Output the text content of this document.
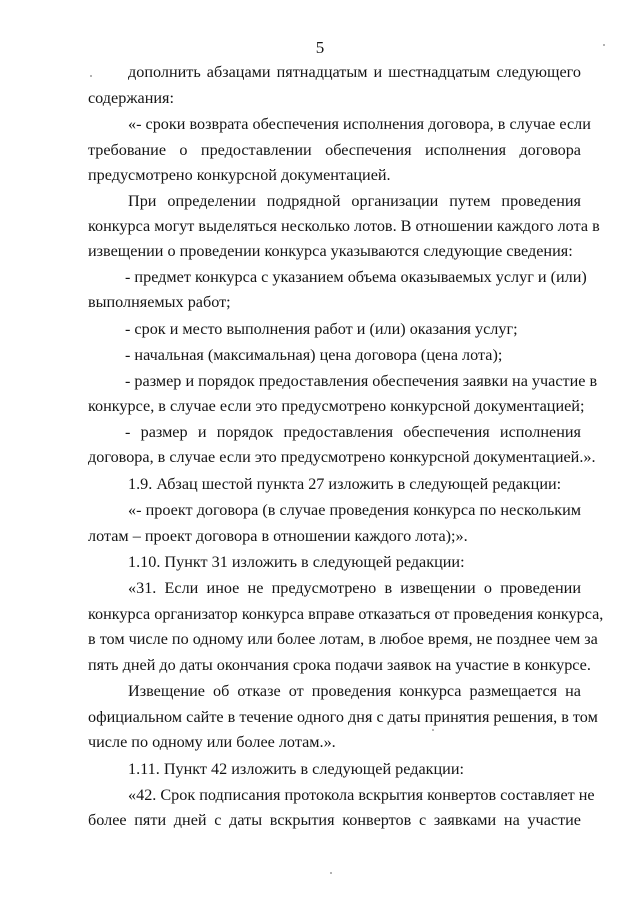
5
дополнить абзацами пятнадцатым и шестнадцатым следующего
содержания:
«- сроки возврата обеспечения исполнения договора, в случае если
требование о предоставлении обеспечения исполнения договора
предусмотрено конкурсной документацией.
При определении подрядной организации путем проведения
конкурса могут выделяться несколько лотов. В отношении каждого лота в
извещении о проведении конкурса указываются следующие сведения:
- предмет конкурса с указанием объема оказываемых услуг и (или)
выполняемых работ;
- срок и место выполнения работ и (или) оказания услуг;
- начальная (максимальная) цена договора (цена лота);
- размер и порядок предоставления обеспечения заявки на участие в
конкурсе, в случае если это предусмотрено конкурсной документацией;
- размер и порядок предоставления обеспечения исполнения
договора, в случае если это предусмотрено конкурсной документацией.».
1.9. Абзац шестой пункта 27 изложить в следующей редакции:
«- проект договора (в случае проведения конкурса по нескольким
лотам – проект договора в отношении каждого лота);».
1.10. Пункт 31 изложить в следующей редакции:
«31. Если иное не предусмотрено в извещении о проведении
конкурса организатор конкурса вправе отказаться от проведения конкурса,
в том числе по одному или более лотам, в любое время, не позднее чем за
пять дней до даты окончания срока подачи заявок на участие в конкурсе.
Извещение об отказе от проведения конкурса размещается на
официальном сайте в течение одного дня с даты принятия решения, в том
числе по одному или более лотам.».
1.11. Пункт 42 изложить в следующей редакции:
«42. Срок подписания протокола вскрытия конвертов составляет не
более пяти дней с даты вскрытия конвертов с заявками на участие
